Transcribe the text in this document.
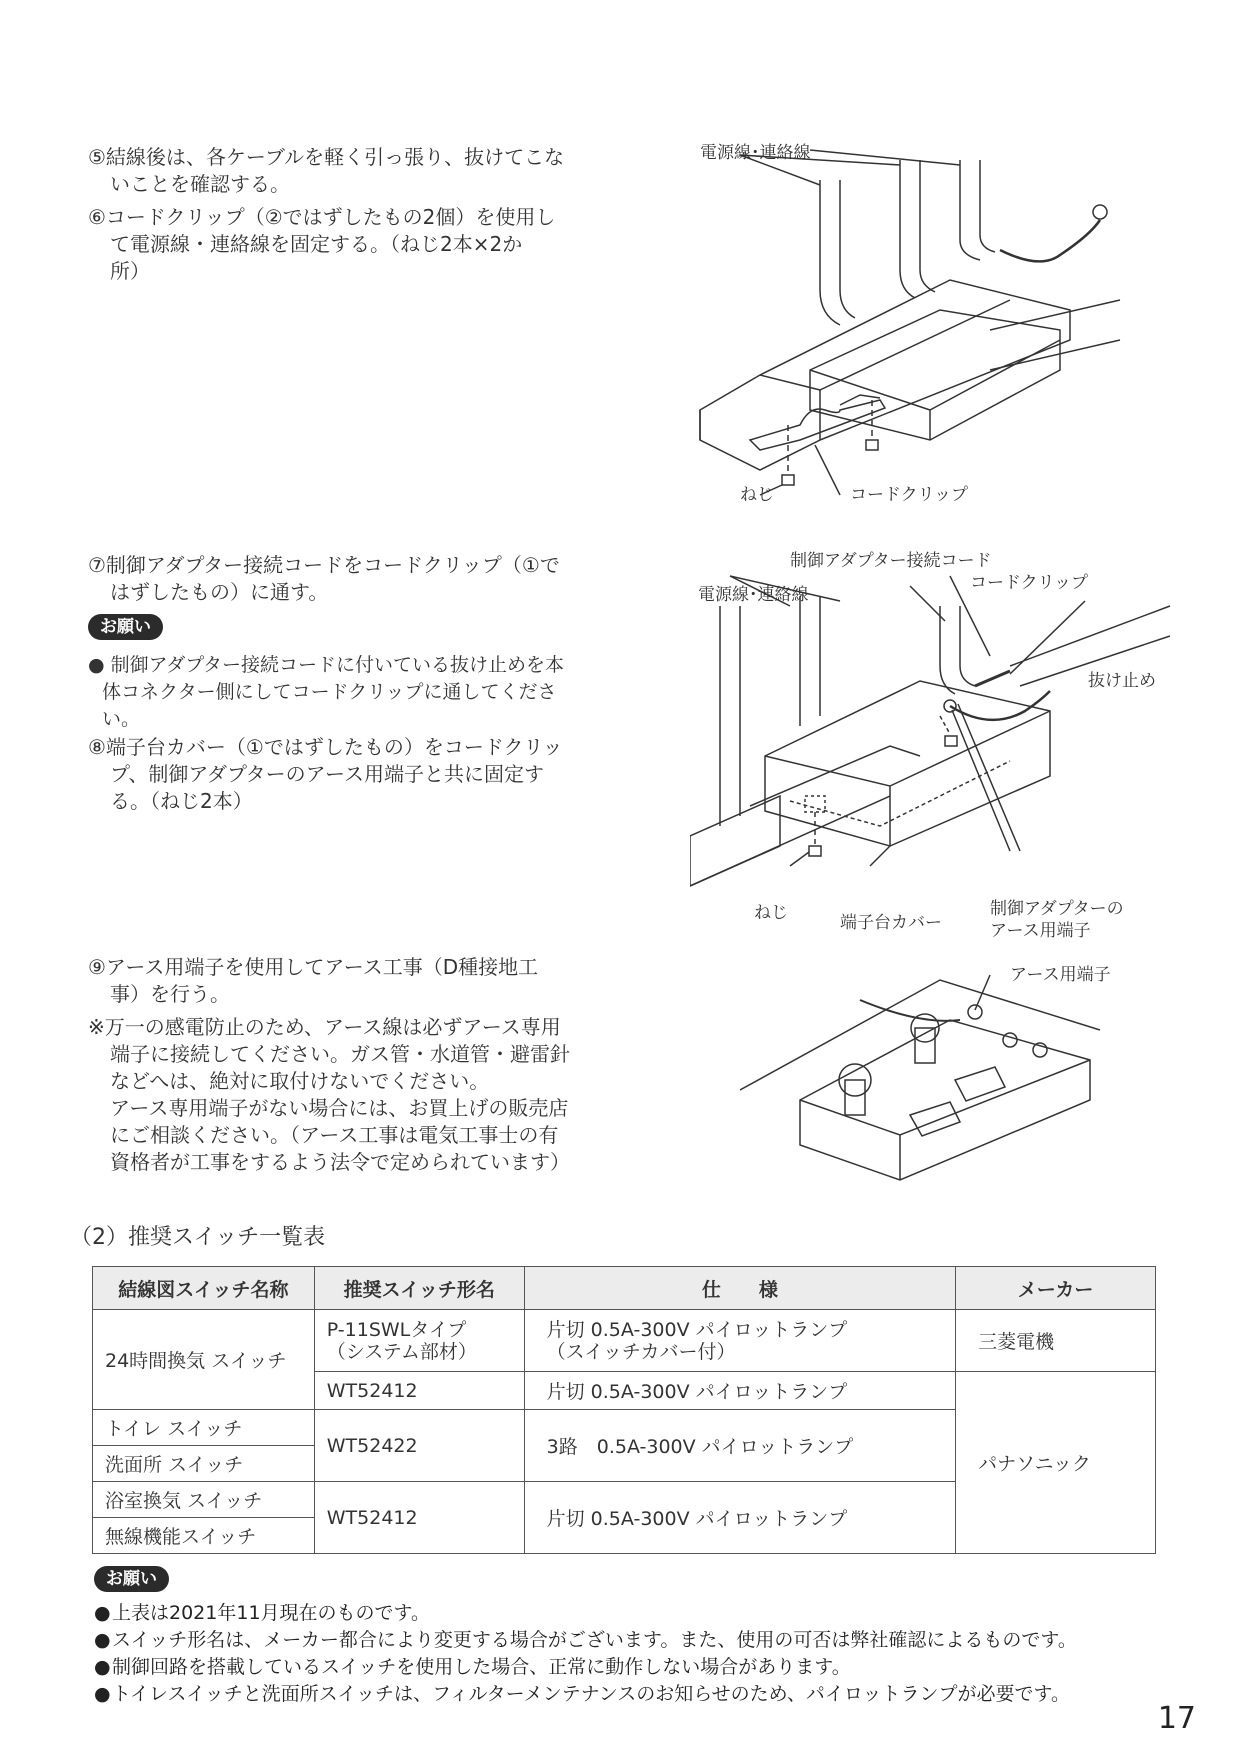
⑤結線後は、各ケーブルを軽く引っ張り、抜けてこな
いことを確認する。
⑥コードクリップ（②ではずしたもの2個）を使用し
て電源線・連絡線を固定する。（ねじ2本×2か
所）
電源線･連絡線
ねじ	コードクリップ
⑦制御アダプター接続コードをコードクリップ（①で
はずしたもの）に通す。
お願い
● 制御アダプター接続コードに付いている抜け止めを本
体コネクター側にしてコードクリップに通してくださ
い。
⑧端子台カバー（①ではずしたもの）をコードクリッ
プ、制御アダプターのアース用端子と共に固定す
る。（ねじ2本）
制御アダプター接続コード
コードクリップ
電源線･連絡線
抜け止め
ねじ	端子台カバー
制御アダプターの
アース用端子
⑨アース用端子を使用してアース工事（D種接地工
事）を行う。
※万一の感電防止のため、アース線は必ずアース専用
端子に接続してください。ガス管・水道管・避雷針
などへは、絶対に取付けないでください。
アース専用端子がない場合には、お買上げの販売店
にご相談ください。（アース工事は電気工事士の有
資格者が工事をするよう法令で定められています）
アース用端子
（2）推奨スイッチ一覧表
結線図スイッチ名称	推奨スイッチ形名	仕　　様	メーカー
24時間換気 スイッチ	P-11SWLタイプ
（システム部材）	片切 0.5A-300V パイロットランプ
（スイッチカバー付）	三菱電機
	WT52412	片切 0.5A-300V パイロットランプ	パナソニック
トイレ スイッチ	WT52422	3路　0.5A-300V パイロットランプ	
洗面所 スイッチ			
浴室換気 スイッチ	WT52412	片切 0.5A-300V パイロットランプ	
無線機能スイッチ			
お願い
●上表は2021年11月現在のものです。
●スイッチ形名は、メーカー都合により変更する場合がございます。また、使用の可否は弊社確認によるものです。
●制御回路を搭載しているスイッチを使用した場合、正常に動作しない場合があります。
●トイレスイッチと洗面所スイッチは、フィルターメンテナンスのお知らせのため、パイロットランプが必要です。
17
